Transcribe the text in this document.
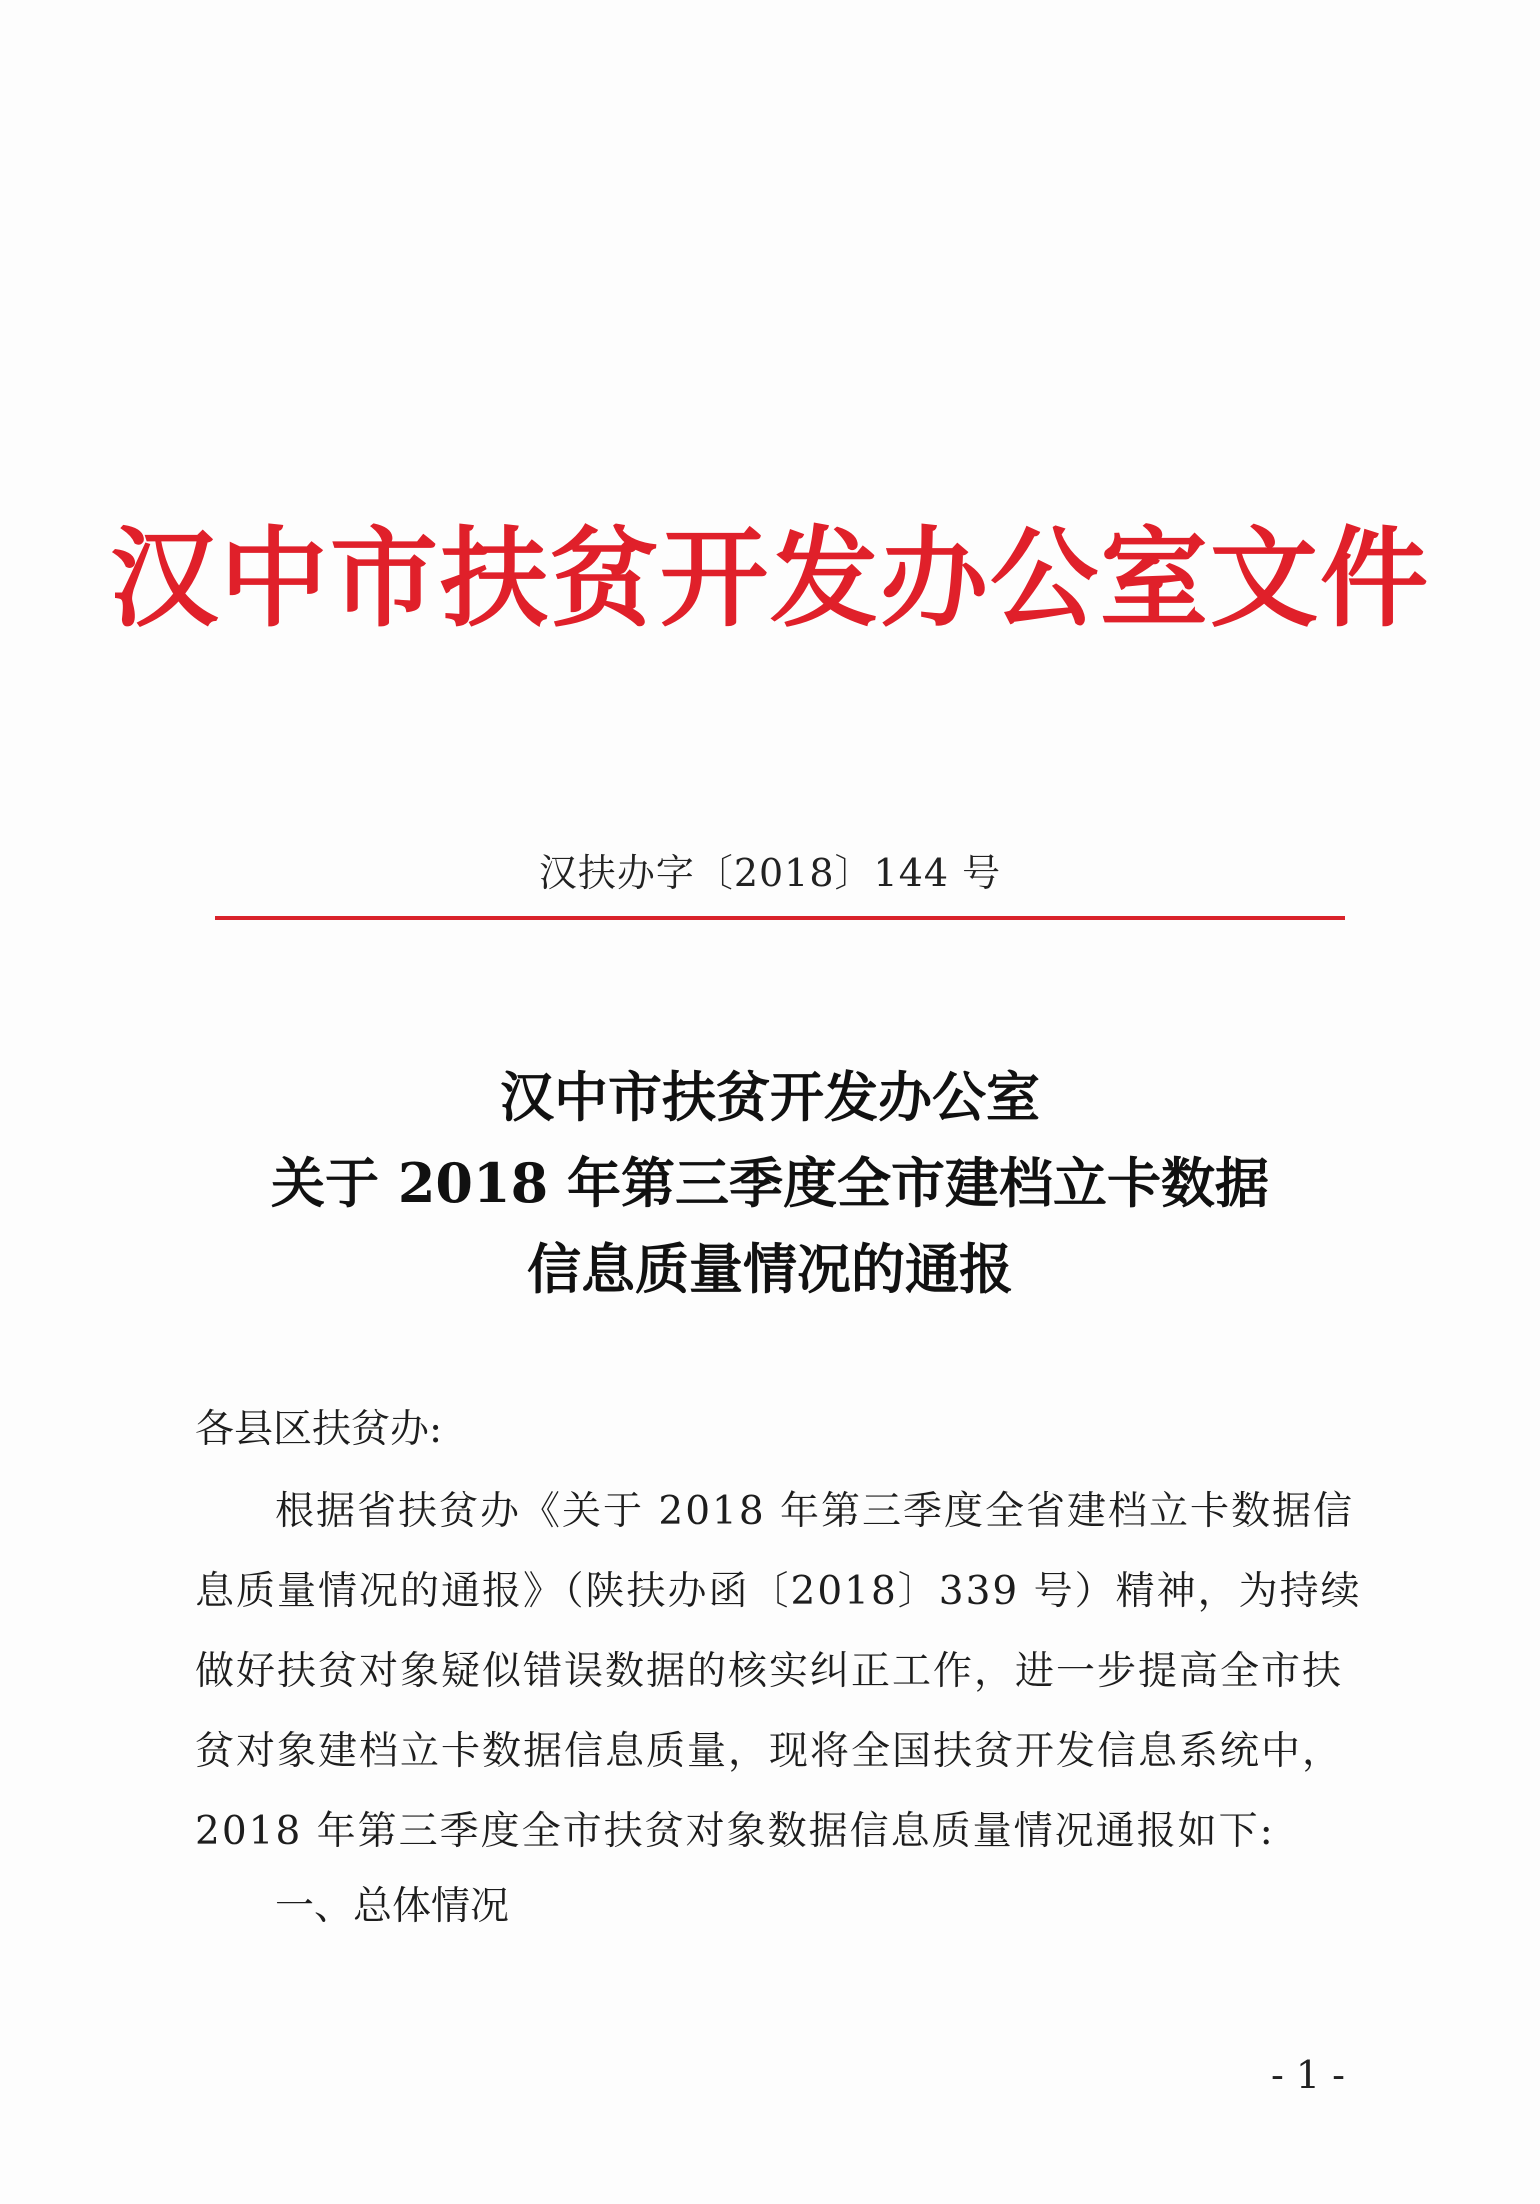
汉中市扶贫开发办公室文件
汉扶办字〔2018〕144 号
汉中市扶贫开发办公室
关于 2018 年第三季度全市建档立卡数据
信息质量情况的通报
各县区扶贫办:
根据省扶贫办《关于 2018 年第三季度全省建档立卡数据信
息质量情况的通报》（陕扶办函〔2018〕339 号）精神，为持续
做好扶贫对象疑似错误数据的核实纠正工作，进一步提高全市扶
贫对象建档立卡数据信息质量，现将全国扶贫开发信息系统中，
2018 年第三季度全市扶贫对象数据信息质量情况通报如下:
一、总体情况
- 1 -
